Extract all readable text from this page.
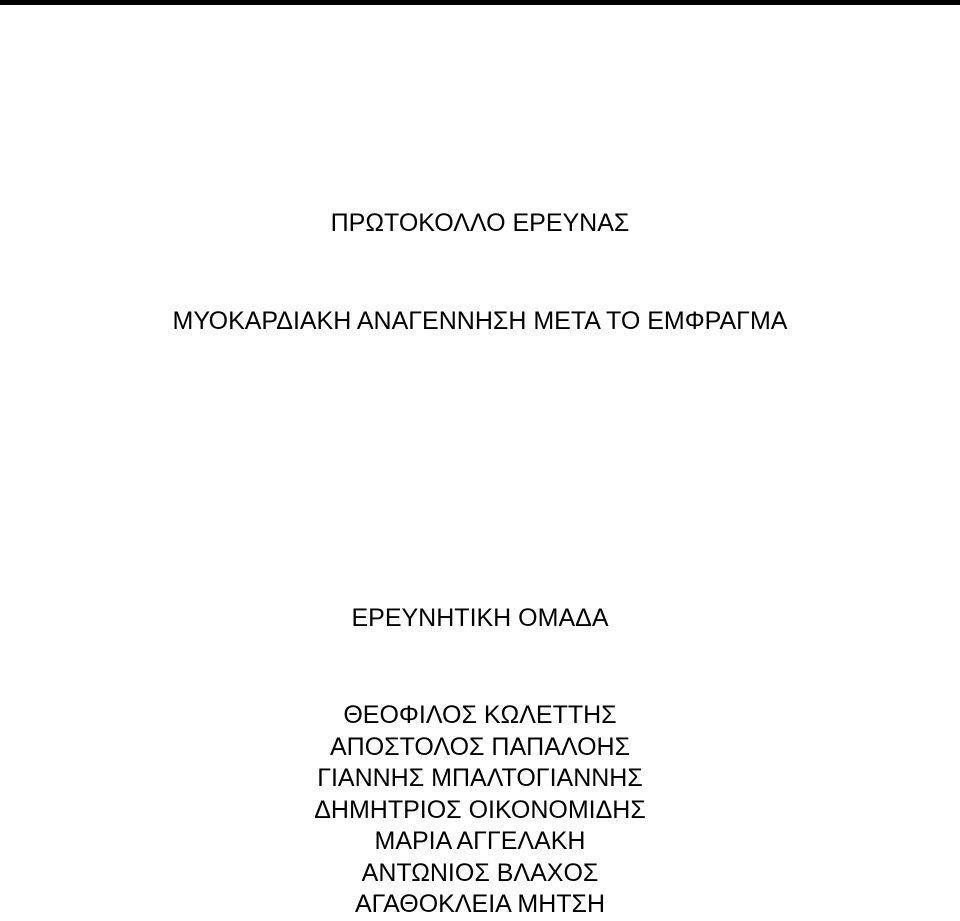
ΠΡΩΤΟΚΟΛΛΟ ΕΡΕΥΝΑΣ
ΜΥΟΚΑΡΔΙΑΚΗ ΑΝΑΓΕΝΝΗΣΗ ΜΕΤΑ ΤΟ ΕΜΦΡΑΓΜΑ
ΕΡΕΥΝΗΤΙΚΗ ΟΜΑΔΑ
ΘΕΟΦΙΛΟΣ ΚΩΛΕΤΤΗΣ
ΑΠΟΣΤΟΛΟΣ ΠΑΠΑΛΟΗΣ
ΓΙΑΝΝΗΣ ΜΠΑΛΤΟΓΙΑΝΝΗΣ
ΔΗΜΗΤΡΙΟΣ ΟΙΚΟΝΟΜΙΔΗΣ
ΜΑΡΙΑ ΑΓΓΕΛΑΚΗ
ΑΝΤΩΝΙΟΣ ΒΛΑΧΟΣ
ΑΓΑΘΟΚΛΕΙΑ ΜΗΤΣΗ
